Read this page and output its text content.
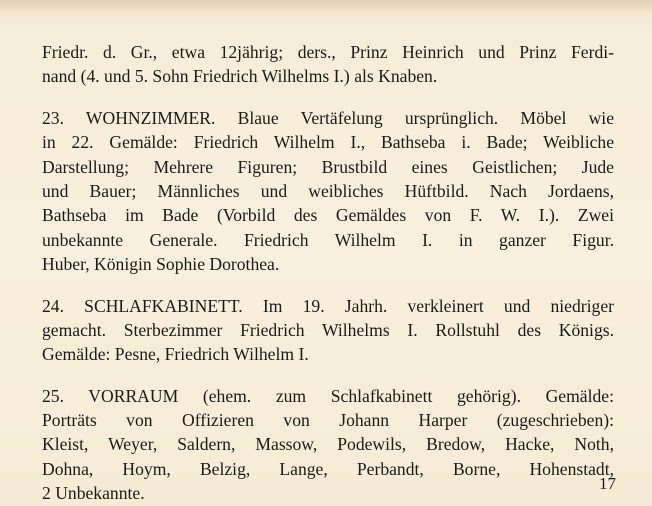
Friedr. d. Gr., etwa 12jährig; ders., Prinz Heinrich und Prinz Ferdi-
nand (4. und 5. Sohn Friedrich Wilhelms I.) als Knaben.

23. WOHNZIMMER. Blaue Vertäfelung ursprünglich. Möbel wie
in 22. Gemälde: Friedrich Wilhelm I., Bathseba i. Bade; Weibliche
Darstellung; Mehrere Figuren; Brustbild eines Geistlichen; Jude
und Bauer; Männliches und weibliches Hüftbild. Nach Jordaens,
Bathseba im Bade (Vorbild des Gemäldes von F. W. I.). Zwei
unbekannte Generale. Friedrich Wilhelm I. in ganzer Figur.
Huber, Königin Sophie Dorothea.

24. SCHLAFKABINETT. Im 19. Jahrh. verkleinert und niedriger
gemacht. Sterbezimmer Friedrich Wilhelms I. Rollstuhl des Königs.
Gemälde: Pesne, Friedrich Wilhelm I.

25. VORRAUM (ehem. zum Schlafkabinett gehörig). Gemälde:
Porträts von Offizieren von Johann Harper (zugeschrieben):
Kleist, Weyer, Saldern, Massow, Podewils, Bredow, Hacke, Noth,
Dohna, Hoym, Belzig, Lange, Perbandt, Borne, Hohenstadt,
2 Unbekannte.	17
